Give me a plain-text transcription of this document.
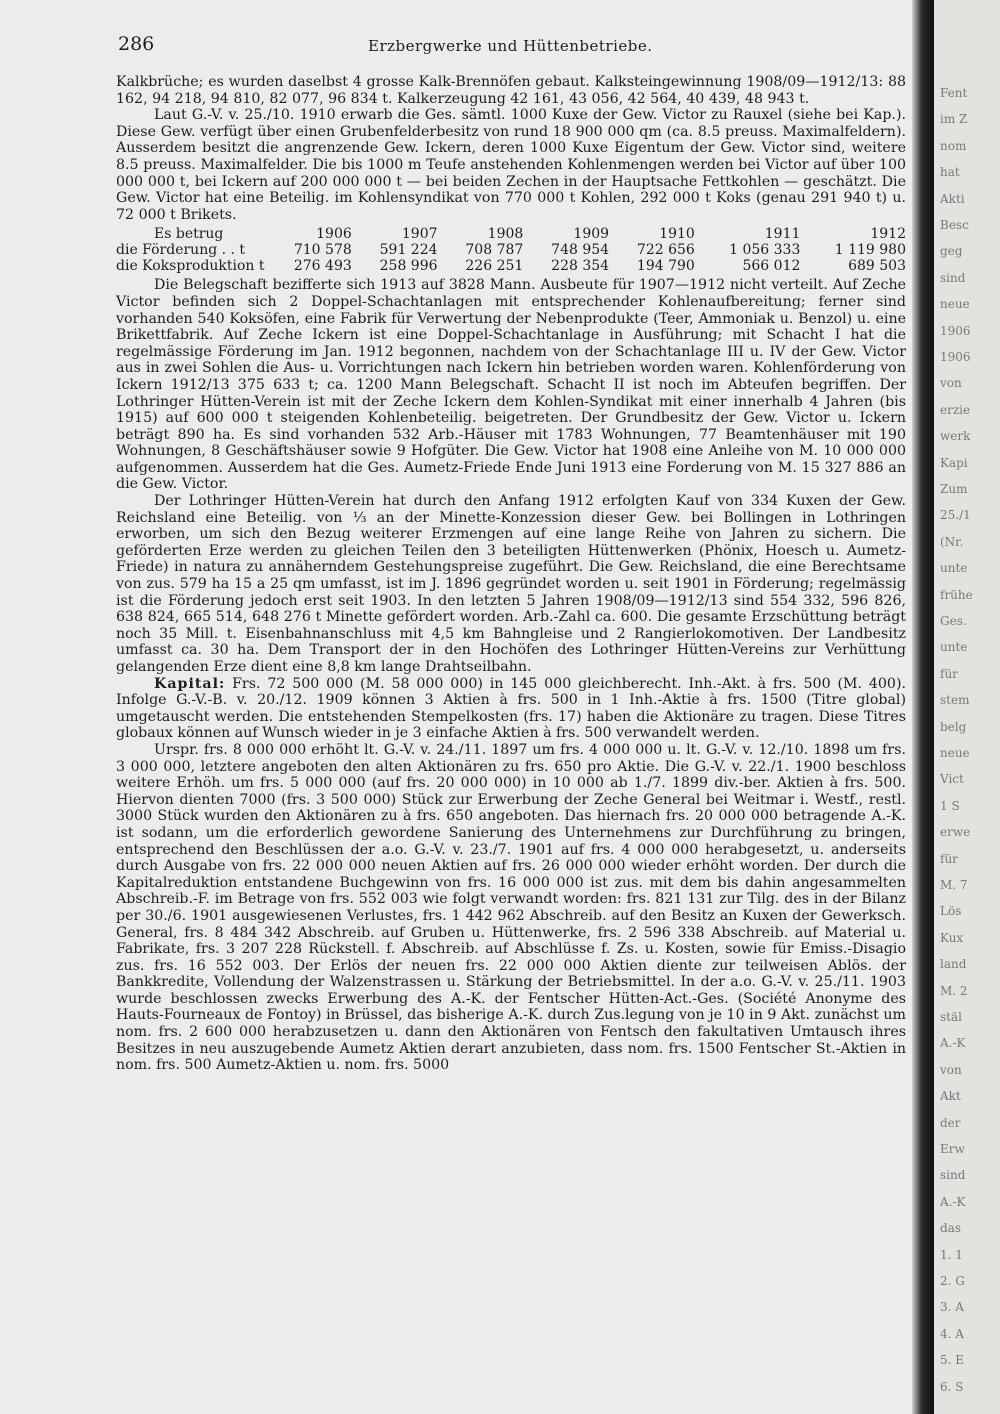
286	Erzbergwerke und Hüttenbetriebe.

Kalkbrüche; es wurden daselbst 4 grosse Kalk-Brennöfen gebaut. Kalksteingewinnung 1908/09—1912/13: 88 162, 94 218, 94 810, 82 077, 96 834 t. Kalkerzeugung 42 161, 43 056, 42 564, 40 439, 48 943 t.

Laut G.-V. v. 25./10. 1910 erwarb die Ges. sämtl. 1000 Kuxe der Gew. Victor zu Rauxel (siehe bei Kap.). Diese Gew. verfügt über einen Grubenfelderbesitz von rund 18 900 000 qm (ca. 8.5 preuss. Maximalfeldern). Ausserdem besitzt die angrenzende Gew. Ickern, deren 1000 Kuxe Eigentum der Gew. Victor sind, weitere 8.5 preuss. Maximalfelder. Die bis 1000 m Teufe anstehenden Kohlenmengen werden bei Victor auf über 100 000 000 t, bei Ickern auf 200 000 000 t — bei beiden Zechen in der Hauptsache Fettkohlen — geschätzt. Die Gew. Victor hat eine Beteilig. im Kohlensyndikat von 770 000 t Kohlen, 292 000 t Koks (genau 291 940 t) u. 72 000 t Brikets.

Es betrug	1906	1907	1908	1909	1910	1911	1912
die Förderung . . t	710 578	591 224	708 787	748 954	722 656	1 056 333	1 119 980
die Koksproduktion t	276 493	258 996	226 251	228 354	194 790	566 012	689 503

Die Belegschaft bezifferte sich 1913 auf 3828 Mann. Ausbeute für 1907—1912 nicht verteilt. Auf Zeche Victor befinden sich 2 Doppel-Schachtanlagen mit entsprechender Kohlenaufbereitung; ferner sind vorhanden 540 Koksöfen, eine Fabrik für Verwertung der Nebenprodukte (Teer, Ammoniak u. Benzol) u. eine Brikettfabrik. Auf Zeche Ickern ist eine Doppel-Schachtanlage in Ausführung; mit Schacht I hat die regelmässige Förderung im Jan. 1912 begonnen, nachdem von der Schachtanlage III u. IV der Gew. Victor aus in zwei Sohlen die Aus- u. Vorrichtungen nach Ickern hin betrieben worden waren. Kohlenförderung von Ickern 1912/13 375 633 t; ca. 1200 Mann Belegschaft. Schacht II ist noch im Abteufen begriffen. Der Lothringer Hütten-Verein ist mit der Zeche Ickern dem Kohlen-Syndikat mit einer innerhalb 4 Jahren (bis 1915) auf 600 000 t steigenden Kohlenbeteilig. beigetreten. Der Grundbesitz der Gew. Victor u. Ickern beträgt 890 ha. Es sind vorhanden 532 Arb.-Häuser mit 1783 Wohnungen, 77 Beamtenhäuser mit 190 Wohnungen, 8 Geschäftshäuser sowie 9 Hofgüter. Die Gew. Victor hat 1908 eine Anleihe von M. 10 000 000 aufgenommen. Ausserdem hat die Ges. Aumetz-Friede Ende Juni 1913 eine Forderung von M. 15 327 886 an die Gew. Victor.

Der Lothringer Hütten-Verein hat durch den Anfang 1912 erfolgten Kauf von 334 Kuxen der Gew. Reichsland eine Beteilig. von ⅓ an der Minette-Konzession dieser Gew. bei Bollingen in Lothringen erworben, um sich den Bezug weiterer Erzmengen auf eine lange Reihe von Jahren zu sichern. Die geförderten Erze werden zu gleichen Teilen den 3 beteiligten Hüttenwerken (Phönix, Hoesch u. Aumetz-Friede) in natura zu annäherndem Gestehungspreise zugeführt. Die Gew. Reichsland, die eine Berechtsame von zus. 579 ha 15 a 25 qm umfasst, ist im J. 1896 gegründet worden u. seit 1901 in Förderung; regelmässig ist die Förderung jedoch erst seit 1903. In den letzten 5 Jahren 1908/09—1912/13 sind 554 332, 596 826, 638 824, 665 514, 648 276 t Minette gefördert worden. Arb.-Zahl ca. 600. Die gesamte Erzschüttung beträgt noch 35 Mill. t. Eisenbahnanschluss mit 4,5 km Bahngleise und 2 Rangierlokomotiven. Der Landbesitz umfasst ca. 30 ha. Dem Transport der in den Hochöfen des Lothringer Hütten-Vereins zur Verhüttung gelangenden Erze dient eine 8,8 km lange Drahtseilbahn.

Kapital: Frs. 72 500 000 (M. 58 000 000) in 145 000 gleichberecht. Inh.-Akt. à frs. 500 (M. 400). Infolge G.-V.-B. v. 20./12. 1909 können 3 Aktien à frs. 500 in 1 Inh.-Aktie à frs. 1500 (Titre global) umgetauscht werden. Die entstehenden Stempelkosten (frs. 17) haben die Aktionäre zu tragen. Diese Titres globaux können auf Wunsch wieder in je 3 einfache Aktien à frs. 500 verwandelt werden.

Urspr. frs. 8 000 000 erhöht lt. G.-V. v. 24./11. 1897 um frs. 4 000 000 u. lt. G.-V. v. 12./10. 1898 um frs. 3 000 000, letztere angeboten den alten Aktionären zu frs. 650 pro Aktie. Die G.-V. v. 22./1. 1900 beschloss weitere Erhöh. um frs. 5 000 000 (auf frs. 20 000 000) in 10 000 ab 1./7. 1899 div.-ber. Aktien à frs. 500. Hiervon dienten 7000 (frs. 3 500 000) Stück zur Erwerbung der Zeche General bei Weitmar i. Westf., restl. 3000 Stück wurden den Aktionären zu à frs. 650 angeboten. Das hiernach frs. 20 000 000 betragende A.-K. ist sodann, um die erforderlich gewordene Sanierung des Unternehmens zur Durchführung zu bringen, entsprechend den Beschlüssen der a.o. G.-V. v. 23./7. 1901 auf frs. 4 000 000 herabgesetzt, u. anderseits durch Ausgabe von frs. 22 000 000 neuen Aktien auf frs. 26 000 000 wieder erhöht worden. Der durch die Kapitalreduktion entstandene Buchgewinn von frs. 16 000 000 ist zus. mit dem bis dahin angesammelten Abschreib.-F. im Betrage von frs. 552 003 wie folgt verwandt worden: frs. 821 131 zur Tilg. des in der Bilanz per 30./6. 1901 ausgewiesenen Verlustes, frs. 1 442 962 Abschreib. auf den Besitz an Kuxen der Gewerksch. General, frs. 8 484 342 Abschreib. auf Gruben u. Hüttenwerke, frs. 2 596 338 Abschreib. auf Material u. Fabrikate, frs. 3 207 228 Rückstell. f. Abschreib. auf Abschlüsse f. Zs. u. Kosten, sowie für Emiss.-Disagio zus. frs. 16 552 003. Der Erlös der neuen frs. 22 000 000 Aktien diente zur teilweisen Ablös. der Bankkredite, Vollendung der Walzenstrassen u. Stärkung der Betriebsmittel. In der a.o. G.-V. v. 25./11. 1903 wurde beschlossen zwecks Erwerbung des A.-K. der Fentscher Hütten-Act.-Ges. (Société Anonyme des Hauts-Fourneaux de Fontoy) in Brüssel, das bisherige A.-K. durch Zus.legung von je 10 in 9 Akt. zunächst um nom. frs. 2 600 000 herabzusetzen u. dann den Aktionären von Fentsch den fakultativen Umtausch ihres Besitzes in neu auszugebende Aumetz Aktien derart anzubieten, dass nom. frs. 1500 Fentscher St.-Aktien in nom. frs. 500 Aumetz-Aktien u. nom. frs. 5000

Fent
im Z
nom
hat
Akti
Besc
geg
sind
neue
1906
1906
von
erzie
werk
Kapi
Zum
25./1
(Nr.
unte
frühe
Ges.
unte
für
stem
belg
neue
Vict
1 S
erwe
für
M. 7
Lös
Kux
land
M. 2
stäl
A.-K
von
Akt
der
Erw
sind
A.-K
das
1. 1
2. G
3. A
4. A
5. E
6. S
